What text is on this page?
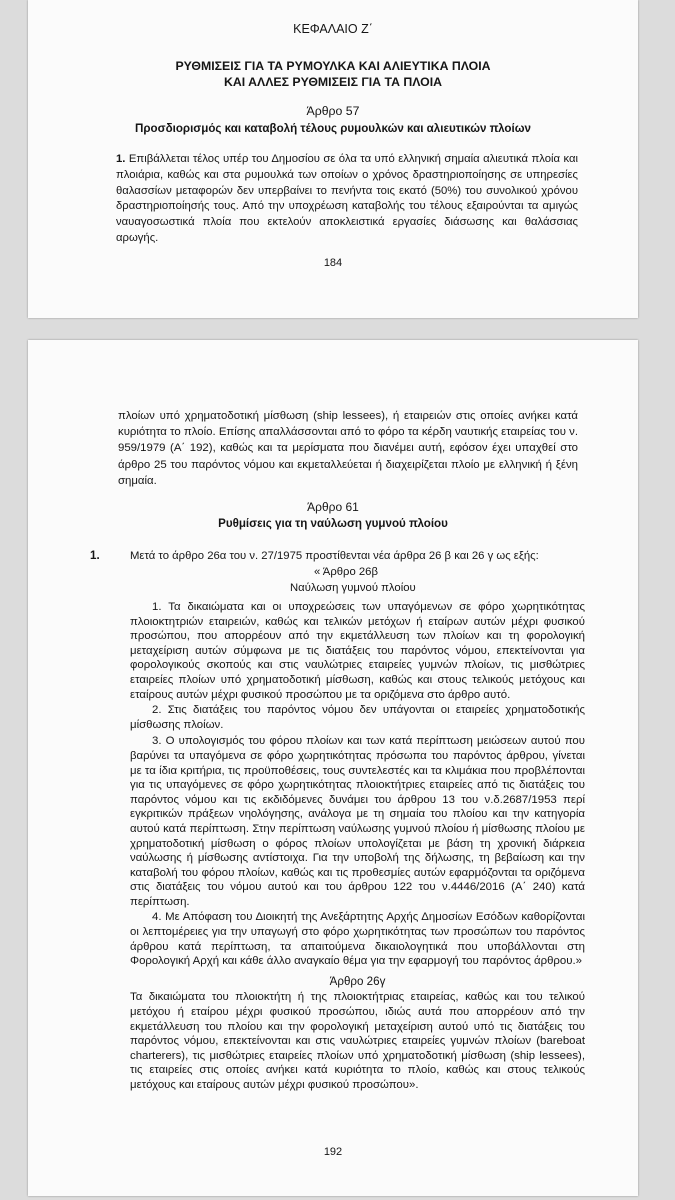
ΚΕΦΑΛΑΙΟ Ζ΄
ΡΥΘΜΙΣΕΙΣ ΓΙΑ ΤΑ ΡΥΜΟΥΛΚΑ ΚΑΙ ΑΛΙΕΥΤΙΚΑ ΠΛΟΙΑ
ΚΑΙ ΑΛΛΕΣ ΡΥΘΜΙΣΕΙΣ ΓΙΑ ΤΑ ΠΛΟΙΑ
Άρθρο 57
Προσδιορισμός και καταβολή τέλους ρυμουλκών και αλιευτικών πλοίων

1. Επιβάλλεται τέλος υπέρ του Δημοσίου σε όλα τα υπό ελληνική σημαία αλιευτικά πλοία και πλοιάρια, καθώς και στα ρυμουλκά των οποίων ο χρόνος δραστηριοποίησης σε υπηρεσίες θαλασσίων μεταφορών δεν υπερβαίνει το πενήντα τοις εκατό (50%) του συνολικού χρόνου δραστηριοποίησής τους. Από την υποχρέωση καταβολής του τέλους εξαιρούνται τα αμιγώς ναυαγοσωστικά πλοία που εκτελούν αποκλειστικά εργασίες διάσωσης και θαλάσσιας αρωγής.

184
πλοίων υπό χρηματοδοτική μίσθωση (ship lessees), ή εταιρειών στις οποίες ανήκει κατά κυριότητα το πλοίο. Επίσης απαλλάσσονται από το φόρο τα κέρδη ναυτικής εταιρείας του ν. 959/1979 (Α΄ 192), καθώς και τα μερίσματα που διανέμει αυτή, εφόσον έχει υπαχθεί στο άρθρο 25 του παρόντος νόμου και εκμεταλλεύεται ή διαχειρίζεται πλοίο με ελληνική ή ξένη σημαία.
Άρθρο 61
Ρυθμίσεις για τη ναύλωση γυμνού πλοίου
1.	Μετά το άρθρο 26α του ν. 27/1975 προστίθενται νέα άρθρα 26 β και 26 γ ως εξής:
« Άρθρο 26β
Ναύλωση γυμνού πλοίου

1. Τα δικαιώματα και οι υποχρεώσεις των υπαγόμενων σε φόρο χωρητικότητας πλοιοκτητριών εταιρειών, καθώς και τελικών μετόχων ή εταίρων αυτών μέχρι φυσικού προσώπου, που απορρέουν από την εκμετάλλευση των πλοίων και τη φορολογική μεταχείριση αυτών σύμφωνα με τις διατάξεις του παρόντος νόμου, επεκτείνονται για φορολογικούς σκοπούς και στις ναυλώτριες εταιρείες γυμνών πλοίων, τις μισθώτριες εταιρείες πλοίων υπό χρηματοδοτική μίσθωση, καθώς και στους τελικούς μετόχους και εταίρους αυτών μέχρι φυσικού προσώπου με τα οριζόμενα στο άρθρο αυτό.

2. Στις διατάξεις του παρόντος νόμου δεν υπάγονται οι εταιρείες χρηματοδοτικής μίσθωσης πλοίων.

3. Ο υπολογισμός του φόρου πλοίων και των κατά περίπτωση μειώσεων αυτού που βαρύνει τα υπαγόμενα σε φόρο χωρητικότητας πρόσωπα του παρόντος άρθρου, γίνεται με τα ίδια κριτήρια, τις προϋποθέσεις, τους συντελεστές και τα κλιμάκια που προβλέπονται για τις υπαγόμενες σε φόρο χωρητικότητας πλοιοκτήτριες εταιρείες από τις διατάξεις του παρόντος νόμου και τις εκδιδόμενες δυνάμει του άρθρου 13 του ν.δ.2687/1953 περί εγκριτικών πράξεων νηολόγησης, ανάλογα με τη σημαία του πλοίου και την κατηγορία αυτού κατά περίπτωση. Στην περίπτωση ναύλωσης γυμνού πλοίου ή μίσθωσης πλοίου με χρηματοδοτική μίσθωση ο φόρος πλοίων υπολογίζεται με βάση τη χρονική διάρκεια ναύλωσης ή μίσθωσης αντίστοιχα. Για την υποβολή της δήλωσης, τη βεβαίωση και την καταβολή του φόρου πλοίων, καθώς και τις προθεσμίες αυτών εφαρμόζονται τα οριζόμενα στις διατάξεις του νόμου αυτού και του άρθρου 122 του ν.4446/2016 (Α΄ 240) κατά περίπτωση.

4. Με Απόφαση του Διοικητή της Ανεξάρτητης Αρχής Δημοσίων Εσόδων καθορίζονται οι λεπτομέρειες για την υπαγωγή στο φόρο χωρητικότητας των προσώπων του παρόντος άρθρου κατά περίπτωση, τα απαιτούμενα δικαιολογητικά που υποβάλλονται στη Φορολογική Αρχή και κάθε άλλο αναγκαίο θέμα για την εφαρμογή του παρόντος άρθρου.»

Άρθρο 26γ

Τα δικαιώματα του πλοιοκτήτη ή της πλοιοκτήτριας εταιρείας, καθώς και του τελικού μετόχου ή εταίρου μέχρι φυσικού προσώπου, ιδιώς αυτά που απορρέουν από την εκμετάλλευση του πλοίου και την φορολογική μεταχείριση αυτού υπό τις διατάξεις του παρόντος νόμου, επεκτείνονται και στις ναυλώτριες εταιρείες γυμνών πλοίων (bareboat charterers), τις μισθώτριες εταιρείες πλοίων υπό χρηματοδοτική μίσθωση (ship lessees), τις εταιρείες στις οποίες ανήκει κατά κυριότητα το πλοίο, καθώς και στους τελικούς μετόχους και εταίρους αυτών μέχρι φυσικού προσώπου».

192
